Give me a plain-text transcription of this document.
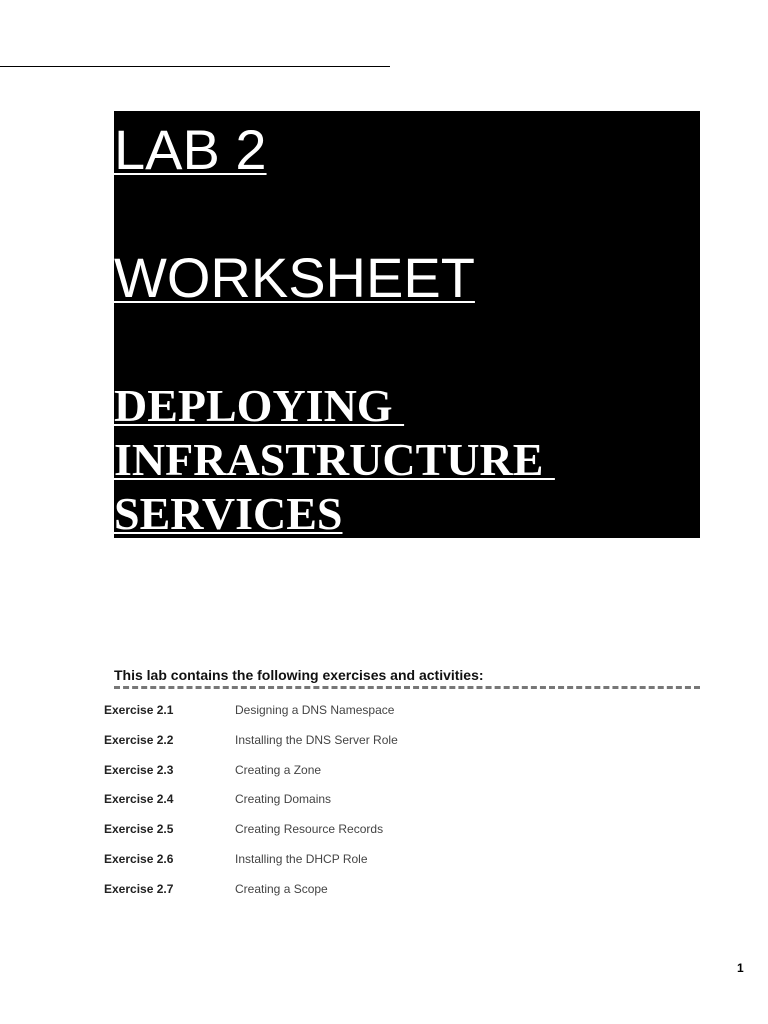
LAB 2
WORKSHEET
DEPLOYING
INFRASTRUCTURE
SERVICES

This lab contains the following exercises and activities:

Exercise 2.1	Designing a DNS Namespace
Exercise 2.2	Installing the DNS Server Role
Exercise 2.3	Creating a Zone
Exercise 2.4	Creating Domains
Exercise 2.5	Creating Resource Records
Exercise 2.6	Installing the DHCP Role
Exercise 2.7	Creating a Scope
1
